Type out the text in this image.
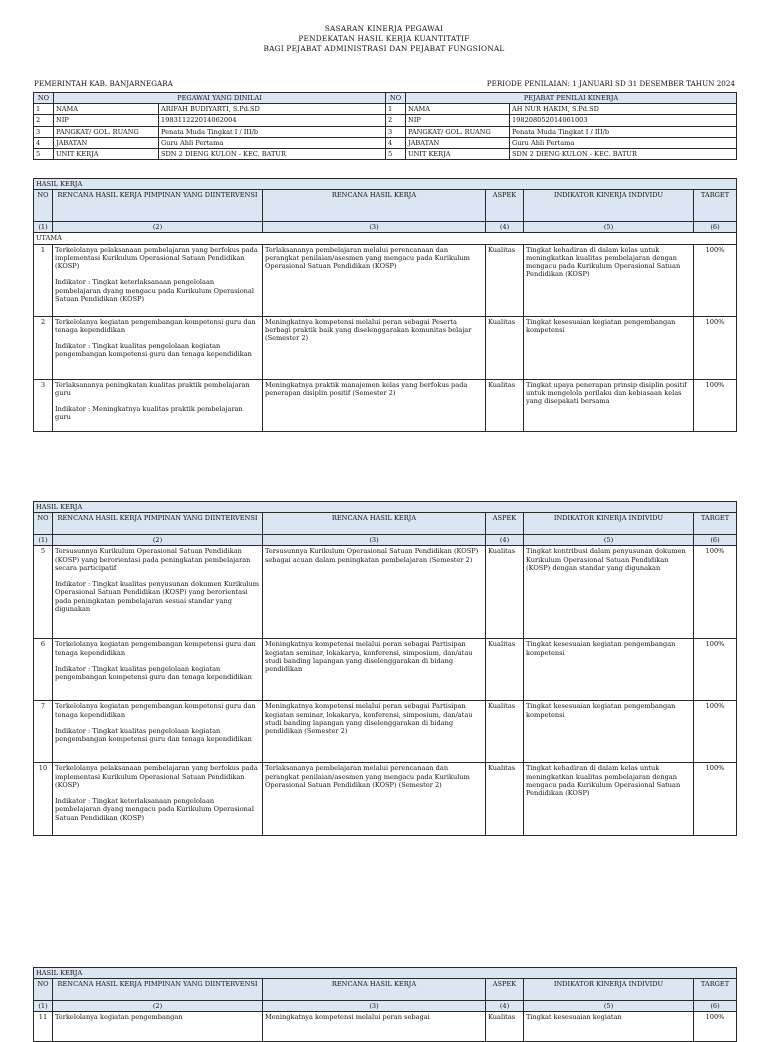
SASARAN KINERJA PEGAWAI
PENDEKATAN HASIL KERJA KUANTITATIF
BAGI PEJABAT ADMINISTRASI DAN PEJABAT FUNGSIONAL
PEMERINTAH KAB. BANJARNEGARA	PERIODE PENILAIAN: 1 JANUARI SD 31 DESEMBER TAHUN 2024
NO	PEGAWAI YANG DINILAI		NO	PEJABAT PENILAI KINERJA	
1	NAMA	ARIFAH BUDIYARTI, S.Pd.SD	1	NAMA	AH NUR HAKIM, S.Pd.SD
2	NIP	198311222014062004	2	NIP	198208052014061003
3	PANGKAT/ GOL. RUANG	Penata Muda Tingkat I / III/b	3	PANGKAT/ GOL. RUANG	Penata Muda Tingkat I / III/b
4	JABATAN	Guru Ahli Pertama	4	JABATAN	Guru Ahli Pertama
5	UNIT KERJA	SDN 2 DIENG KULON - KEC. BATUR	5	UNIT KERJA	SDN 2 DIENG KULON - KEC. BATUR
HASIL KERJA					
NO	RENCANA HASIL KERJA PIMPINAN YANG DIINTERVENSI	RENCANA HASIL KERJA	ASPEK	INDIKATOR KINERJA INDIVIDU	TARGET
(1)	(2)	(3)	(4)	(5)	(6)
UTAMA					
1	Terkelolanya pelaksanaan pembelajaran yang berfokus pada implementasi Kurikulum Operasional Satuan Pendidikan (KOSP)

Indikator : Tingkat keterlaksanaan pengelolaan pembelajaran dyang mengacu pada Kurikulum Operasional Satuan Pendidikan (KOSP)	Terlaksananya pembelajaran melalui perencanaan dan perangkat penilaian/asesmen yang mengacu pada Kurikulum Operasional Satuan Pendidikan (KOSP)	Kualitas	Tingkat kehadiran di dalam kelas untuk meningkatkan kualitas pembelajaran dengan mengacu pada Kurikulum Operasional Satuan Pendidikan (KOSP)	100%
2	Terkelolanya kegiatan pengembangan kompetensi guru dan tenaga kependidikan

Indikator : Tingkat kualitas pengelolaan kegiatan pengembangan kompetensi guru dan tenaga kependidikan	Meningkatnya kompetensi melalui peran sebagai Peserta berbagi praktik baik yang diselenggarakan komunitas belajar (Semester 2)	Kualitas	Tingkat kesesuaian kegiatan pengembangan kompetensi	100%
3	Terlaksananya peningkatan kualitas praktik pembelajaran guru

Indikator : Meningkatnya kualitas praktik pembelajaran guru	Meningkatnya praktik manajemen kelas yang berfokus pada penerapan disiplin positif (Semester 2)	Kualitas	Tingkat upaya penerapan prinsip disiplin positif untuk mengelola perilaku dan kebiasaan kelas yang disepakati bersama	100%
HASIL KERJA					
NO	RENCANA HASIL KERJA PIMPINAN YANG DIINTERVENSI	RENCANA HASIL KERJA	ASPEK	INDIKATOR KINERJA INDIVIDU	TARGET
(1)	(2)	(3)	(4)	(5)	(6)
5	Tersusunnya Kurikulum Operasional Satuan Pendidikan (KOSP) yang berorientasi pada peningkatan pembelajaran secara participatif

Indikator : Tingkat kualitas penyusunan dokumen Kurikulum Operasional Satuan Pendidikan (KOSP) yang berorientasi pada peningkatan pembelajaran sesuai standar yang digunakan	Tersusunnya Kurikulum Operasional Satuan Pendidikan (KOSP) sebagai acuan dalam peningkatan pembelajaran (Semester 2)	Kualitas	Tingkat kontribusi dalam penyusunan dokumen Kurikulum Operasional Satuan Pendidikan (KOSP) dengan standar yang digunakan	100%
6	Terkelolanya kegiatan pengembangan kompetensi guru dan tenaga kependidikan

Indikator : Tingkat kualitas pengelolaan kegiatan pengembangan kompetensi guru dan tenaga kependidikan	Meningkatnya kompetensi melalui peran sebagai Partisipan kegiatan seminar, lokakarya, konferensi, simposium, dan/atau studi banding lapangan yang diselenggarakan di bidang pendidikan	Kualitas	Tingkat kesesuaian kegiatan pengembangan kompetensi	100%
7	Terkelolanya kegiatan pengembangan kompetensi guru dan tenaga kependidikan

Indikator : Tingkat kualitas pengelolaan kegiatan pengembangan kompetensi guru dan tenaga kependidikan	Meningkatnya kompetensi melalui peran sebagai Partisipan kegiatan seminar, lokakarya, konferensi, simposium, dan/atau studi banding lapangan yang diselenggarakan di bidang pendidikan (Semester 2)	Kualitas	Tingkat kesesuaian kegiatan pengembangan kompetensi	100%
10	Terkelolanya pelaksanaan pembelajaran yang berfokus pada implementasi Kurikulum Operasional Satuan Pendidikan (KOSP)

Indikator : Tingkat keterlaksanaan pengelolaan pembelajaran dyang mengacu pada Kurikulum Operasional Satuan Pendidikan (KOSP)	Terlaksananya pembelajaran melalui perencanaan dan perangkat penilaian/asesmen yang mengacu pada Kurikulum Operasional Satuan Pendidikan (KOSP) (Semester 2)	Kualitas	Tingkat kehadiran di dalam kelas untuk meningkatkan kualitas pembelajaran dengan mengacu pada Kurikulum Operasional Satuan Pendidikan (KOSP)	100%
HASIL KERJA					
NO	RENCANA HASIL KERJA PIMPINAN YANG DIINTERVENSI	RENCANA HASIL KERJA	ASPEK	INDIKATOR KINERJA INDIVIDU	TARGET
(1)	(2)	(3)	(4)	(5)	(6)
11	Terkelolanya kegiatan pengembangan	Meningkatnya kompetensi melalui peran sebagai	Kualitas	Tingkat kesesuaian kegiatan	100%
